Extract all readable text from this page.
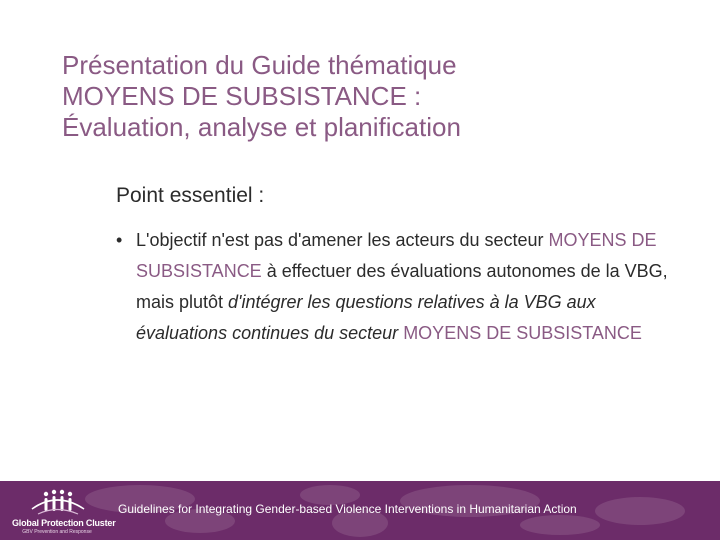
Présentation du Guide thématique
MOYENS DE SUBSISTANCE :
Évaluation, analyse et planification
Point essentiel :
• L'objectif n'est pas d'amener les acteurs du secteur MOYENS DE SUBSISTANCE à effectuer des évaluations autonomes de la VBG, mais plutôt d'intégrer les questions relatives à la VBG aux évaluations continues du secteur MOYENS DE SUBSISTANCE
Global Protection Cluster
GBV Prevention and Response
Guidelines for Integrating Gender-based Violence Interventions in Humanitarian Action
